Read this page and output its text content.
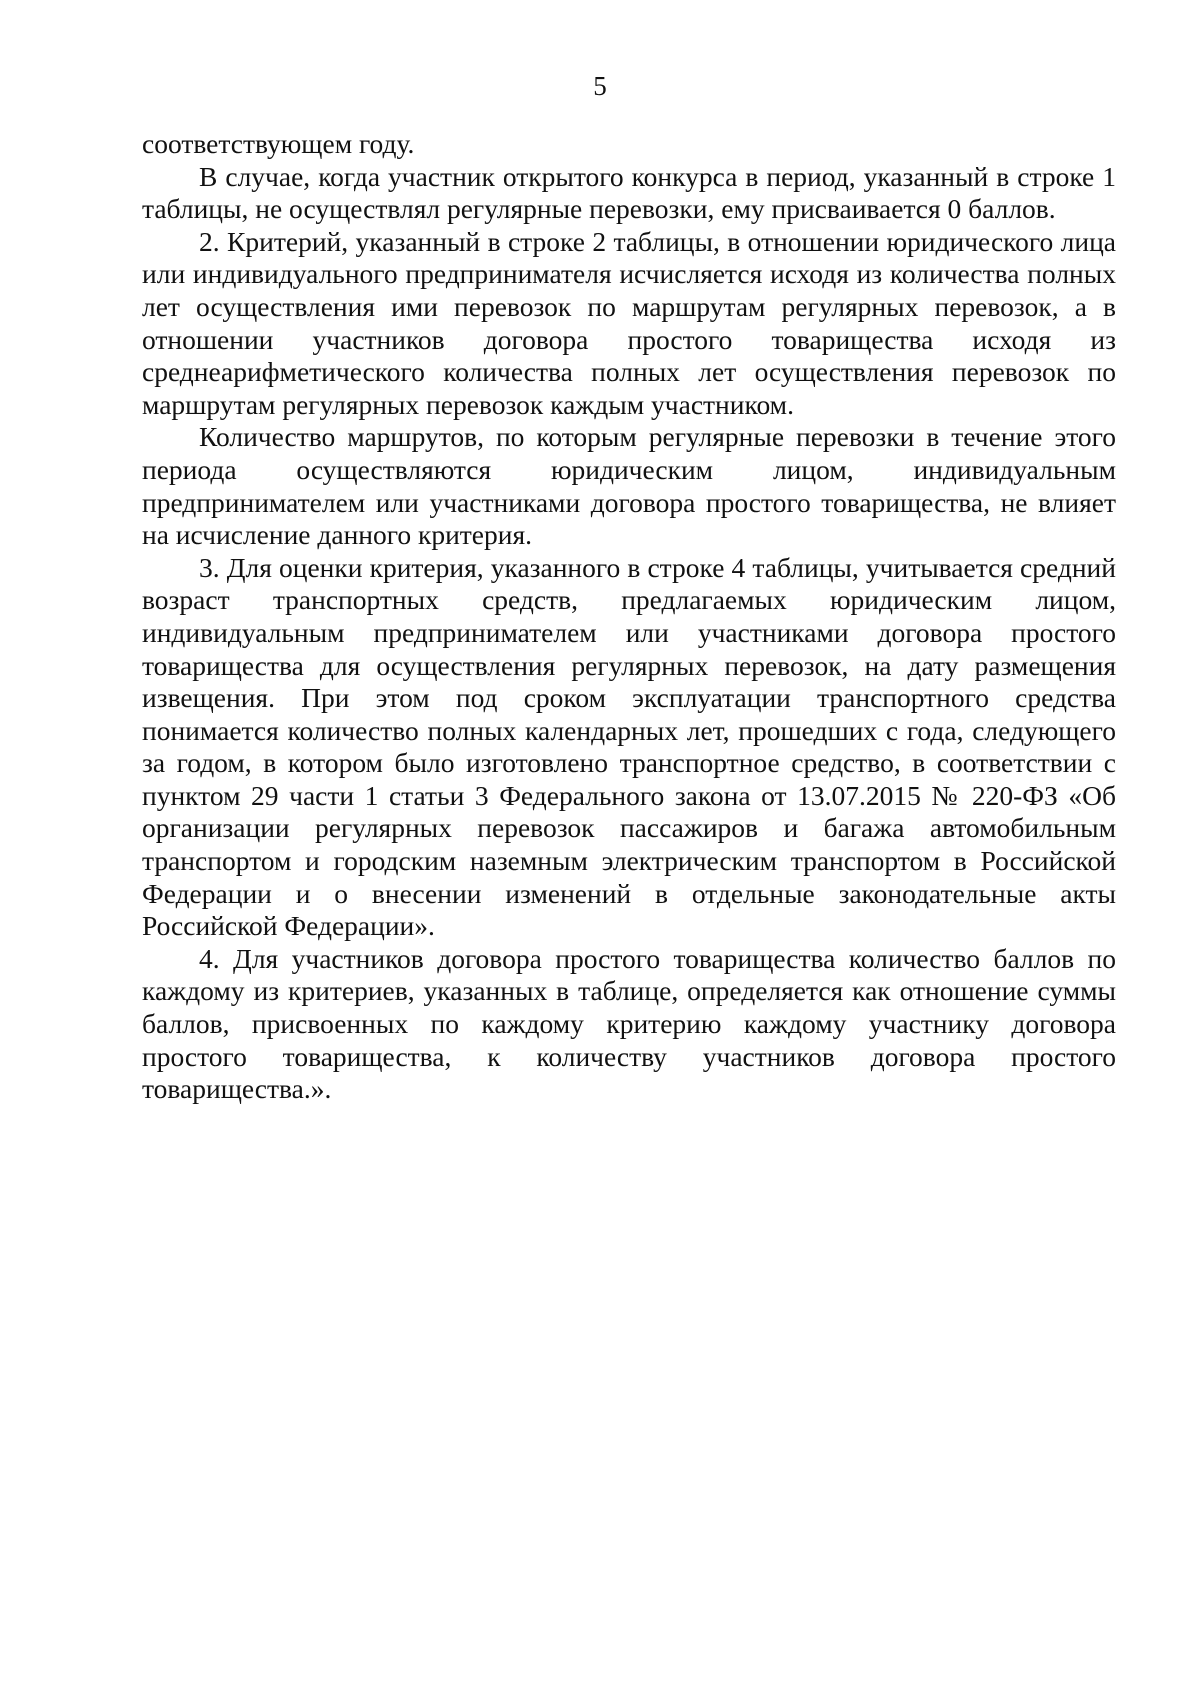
5

соответствующем году.

В случае, когда участник открытого конкурса в период, указанный в строке 1 таблицы, не осуществлял регулярные перевозки, ему присваивается 0 баллов.

2. Критерий, указанный в строке 2 таблицы, в отношении юридического лица или индивидуального предпринимателя исчисляется исходя из количества полных лет осуществления ими перевозок по маршрутам регулярных перевозок, а в отношении участников договора простого товарищества исходя из среднеарифметического количества полных лет осуществления перевозок по маршрутам регулярных перевозок каждым участником.

Количество маршрутов, по которым регулярные перевозки в течение этого периода осуществляются юридическим лицом, индивидуальным предпринимателем или участниками договора простого товарищества, не влияет на исчисление данного критерия.

3. Для оценки критерия, указанного в строке 4 таблицы, учитывается средний возраст транспортных средств, предлагаемых юридическим лицом, индивидуальным предпринимателем или участниками договора простого товарищества для осуществления регулярных перевозок, на дату размещения извещения. При этом под сроком эксплуатации транспортного средства понимается количество полных календарных лет, прошедших с года, следующего за годом, в котором было изготовлено транспортное средство, в соответствии с пунктом 29 части 1 статьи 3 Федерального закона от 13.07.2015 № 220-ФЗ «Об организации регулярных перевозок пассажиров и багажа автомобильным транспортом и городским наземным электрическим транспортом в Российской Федерации и о внесении изменений в отдельные законодательные акты Российской Федерации».

4. Для участников договора простого товарищества количество баллов по каждому из критериев, указанных в таблице, определяется как отношение суммы баллов, присвоенных по каждому критерию каждому участнику договора простого товарищества, к количеству участников договора простого товарищества.».
